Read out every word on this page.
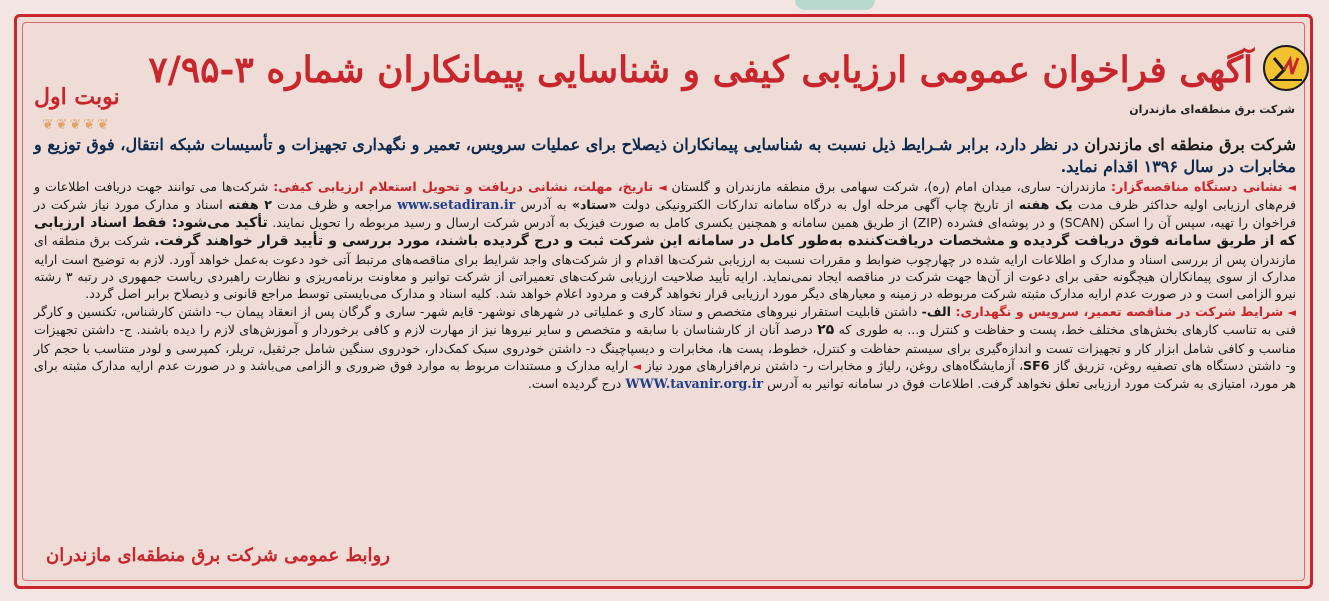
شرکت برق منطقه‌ای مازندران
آگهی فراخوان عمومی ارزیابی کیفی و شناسایی پیمانکاران شماره ۳-۷/۹۵
نوبت اول
❦❦❦❦❦

شرکت برق منطقه ای مازندران در نظر دارد، برابر شـرایط ذیل نسبت به شناسایی پیمانکاران ذیصلاح برای عملیات سرویس، تعمیر و نگهداری تجهیزات و تأسیسات شبکه انتقال، فوق توزیع و مخابرات در سال ۱۳۹۶ اقدام نماید.

◄ نشانی دستگاه مناقصه‌گزار: مازندران- ساری، میدان امام (ره)، شرکت سهامی برق منطقه مازندران و گلستان ◄ تاریخ، مهلت، نشانی دریافت و تحویل استعلام ارزیابی کیفی: شرکت‌ها می توانند جهت دریافت اطلاعات و فرم‌های ارزیابی اولیه حداکثر ظرف مدت یک هفته از تاریخ چاپ آگهی مرحله اول به درگاه سامانه تدارکات الکترونیکی دولت «ستاد» به آدرس www.setadiran.ir مراجعه و ظرف مدت ۲ هفته اسناد و مدارک مورد نیاز شرکت در فراخوان را تهیه، سپس آن را اسکن (SCAN) و در پوشه‌ای فشرده (ZIP) از طریق همین سامانه و همچنین یکسری کامل به صورت فیزیک به آدرس شرکت ارسال و رسید مربوطه را تحویل نمایند. تأکید می‌شود: فقط اسناد ارزیابی که از طریق سامانه فوق دریافت گردیده و مشخصات دریافت‌کننده به‌طور کامل در سامانه این شرکت ثبت و درج گردیده باشند، مورد بررسی و تأیید قرار خواهند گرفت. شرکت برق منطقه ای مازندران پس از بررسی اسناد و مدارک و اطلاعات ارایه شده در چهارچوب ضوابط و مقررات نسبت به ارزیابی شرکت‌ها اقدام و از شرکت‌های واجد شرایط برای مناقصه‌های مرتبط آتی خود دعوت به‌عمل خواهد آورد. لازم به توضیح است ارایه مدارک از سوی پیمانکاران هیچگونه حقی برای دعوت از آن‌ها جهت شرکت در مناقصه ایجاد نمی‌نماید. ارایه تأیید صلاحیت ارزیابی شرکت‌های تعمیراتی از شرکت توانیر و معاونت برنامه‌ریزی و نظارت راهبردی ریاست جمهوری در رتبه ۳ رشته نیرو الزامی است و در صورت عدم ارایه مدارک مثبته شرکت مربوطه در زمینه و معیارهای دیگر مورد ارزیابی قرار نخواهد گرفت و مردود اعلام خواهد شد. کلیه اسناد و مدارک می‌بایستی توسط مراجع قانونی و ذیصلاح برابر اصل گردد.

◄ شرایط شرکت در مناقصه تعمیر، سرویس و نگهداری: الف- داشتن قابلیت استقرار نیروهای متخصص و ستاد کاری و عملیاتی در شهرهای نوشهر- قایم شهر- ساری و گرگان پس از انعقاد پیمان ب- داشتن کارشناس، تکنسین و کارگر فنی به تناسب کارهای بخش‌های مختلف خط، پست و حفاظت و کنترل و... به طوری که ۲۵ درصد آنان از کارشناسان با سابقه و متخصص و سایر نیروها نیز از مهارت لازم و کافی برخوردار و آموزش‌های لازم را دیده باشند. ج- داشتن تجهیزات مناسب و کافی شامل ابزار کار و تجهیزات تست و اندازه‌گیری برای سیستم حفاظت و کنترل، خطوط، پست ها، مخابرات و دیسپاچینگ د- داشتن خودروی سبک کمک‌دار، خودروی سنگین شامل جرثقیل، تریلر، کمپرسی و لودر متناسب با حجم کار و- داشتن دستگاه های تصفیه روغن، تزریق گاز SF6، آزمایشگاه‌های روغن، رلیاژ و مخابرات ر- داشتن نرم‌افزارهای مورد نیاز ◄ ارایه مدارک و مستندات مربوط به موارد فوق ضروری و الزامی می‌باشد و در صورت عدم ارایه مدارک مثبته برای هر مورد، امتیازی به شرکت مورد ارزیابی تعلق نخواهد گرفت. اطلاعات فوق در سامانه توانیر به آدرس WWW.tavanir.org.ir درج گردیده است.

روابط عمومی شرکت برق منطقه‌ای مازندران
